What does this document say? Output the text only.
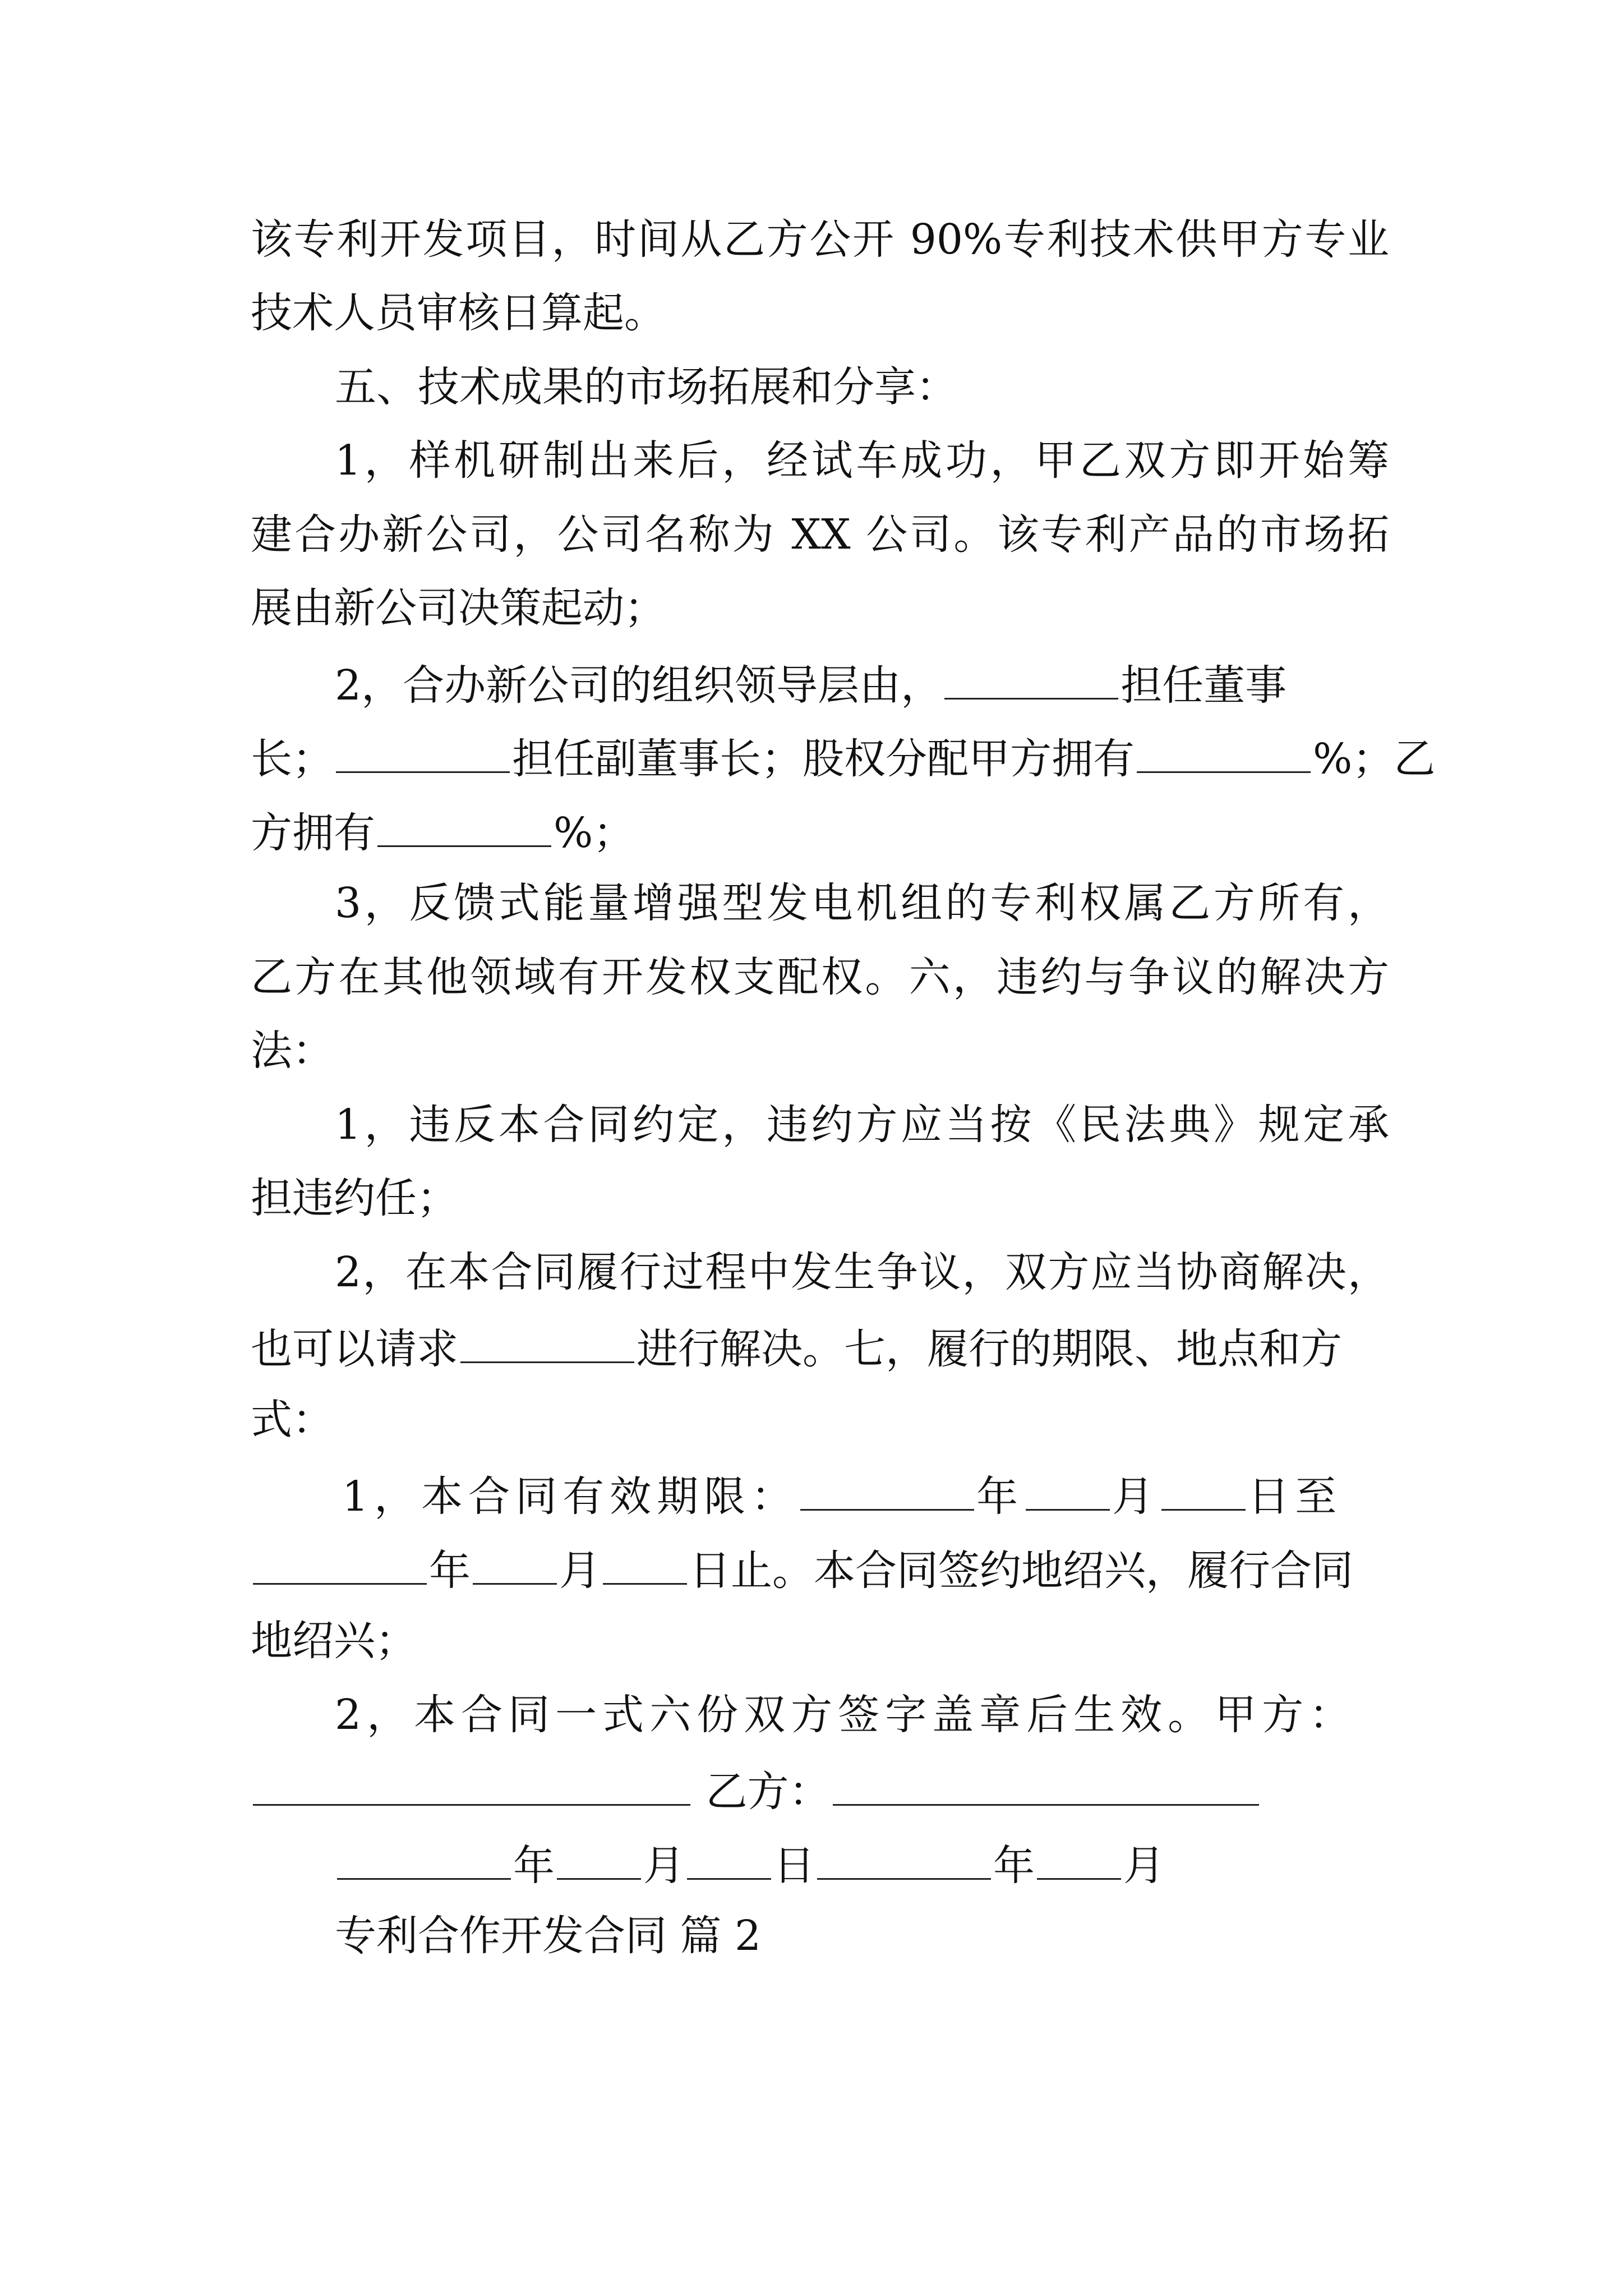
该专利开发项目，时间从乙方公开 90%专利技术供甲方专业
技术人员审核日算起。
五、技术成果的市场拓展和分享：
1，样机研制出来后，经试车成功，甲乙双方即开始筹
建合办新公司，公司名称为 XX 公司。该专利产品的市场拓
展由新公司决策起动；
2，合办新公司的组织领导层由，	担任董事
长；	担任副董事长；股权分配甲方拥有	%；乙
方拥有	%；
3，反馈式能量增强型发电机组的专利权属乙方所有，
乙方在其他领域有开发权支配权。六，违约与争议的解决方
法：
1，违反本合同约定，违约方应当按《民法典》规定承
担违约任；
2，在本合同履行过程中发生争议，双方应当协商解决，
也可以请求	进行解决。七，履行的期限、地点和方
式：
1，本合同有效期限：	年 月 日至
年 月 日止。本合同签约地绍兴，履行合同
地绍兴；
2，本合同一式六份双方签字盖章后生效。甲方：
乙方：
年 月 日	年 月
专利合作开发合同 篇 2
